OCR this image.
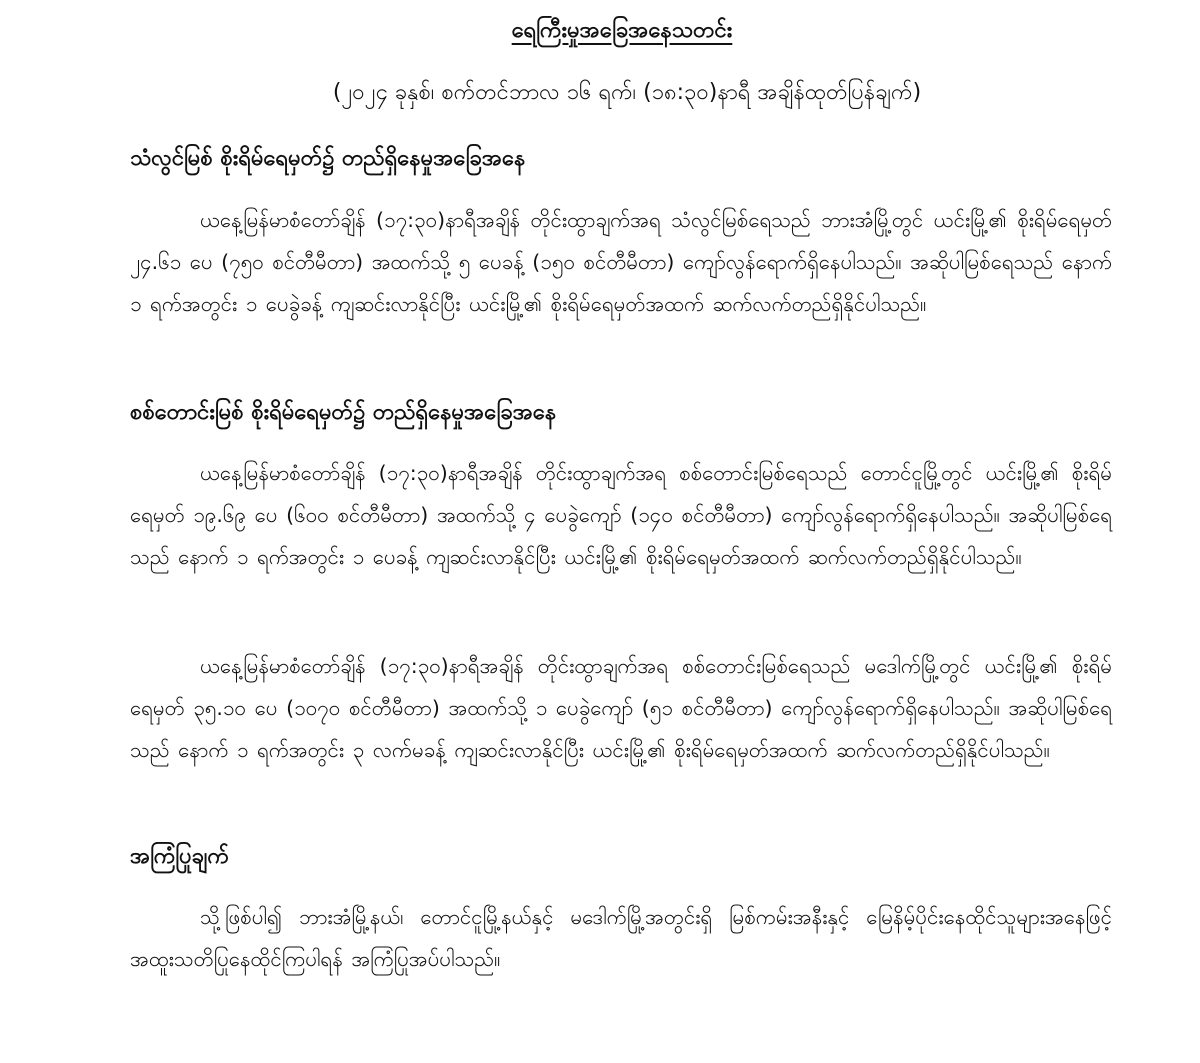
ရေကြီးမှုအခြေအနေသတင်း
(၂၀၂၄ ခုနှစ်၊ စက်တင်ဘာလ ၁၆ ရက်၊ (၁၈:၃၀)နာရီ အချိန်ထုတ်ပြန်ချက်)
သံလွင်မြစ် စိုးရိမ်ရေမှတ်၌ တည်ရှိနေမှုအခြေအနေ
ယနေ့မြန်မာစံတော်ချိန် (၁၇:၃၀)နာရီအချိန် တိုင်းထွာချက်အရ သံလွင်မြစ်ရေသည် ဘားအံမြို့တွင် ယင်းမြို့၏ စိုးရိမ်ရေမှတ် ၂၄.၆၁ ပေ (၇၅၀ စင်တီမီတာ) အထက်သို့ ၅ ပေခန့် (၁၅၀ စင်တီမီတာ) ကျော်လွန်ရောက်ရှိနေပါသည်။ အဆိုပါမြစ်ရေသည် နောက် ၁ ရက်အတွင်း ၁ ပေခွဲခန့် ကျဆင်းလာနိုင်ပြီး ယင်းမြို့၏ စိုးရိမ်ရေမှတ်အထက် ဆက်လက်တည်ရှိနိုင်ပါသည်။
စစ်တောင်းမြစ် စိုးရိမ်ရေမှတ်၌ တည်ရှိနေမှုအခြေအနေ
ယနေ့မြန်မာစံတော်ချိန် (၁၇:၃၀)နာရီအချိန် တိုင်းထွာချက်အရ စစ်တောင်းမြစ်ရေသည် တောင်ငူမြို့တွင် ယင်းမြို့၏ စိုးရိမ်ရေမှတ် ၁၉.၆၉ ပေ (၆၀၀ စင်တီမီတာ) အထက်သို့ ၄ ပေခွဲကျော် (၁၄၀ စင်တီမီတာ) ကျော်လွန်ရောက်ရှိနေပါသည်။ အဆိုပါမြစ်ရေသည် နောက် ၁ ရက်အတွင်း ၁ ပေခန့် ကျဆင်းလာနိုင်ပြီး ယင်းမြို့၏ စိုးရိမ်ရေမှတ်အထက် ဆက်လက်တည်ရှိနိုင်ပါသည်။
ယနေ့မြန်မာစံတော်ချိန် (၁၇:၃၀)နာရီအချိန် တိုင်းထွာချက်အရ စစ်တောင်းမြစ်ရေသည် မဒေါက်မြို့တွင် ယင်းမြို့၏ စိုးရိမ်ရေမှတ် ၃၅.၁၀ ပေ (၁၀၇၀ စင်တီမီတာ) အထက်သို့ ၁ ပေခွဲကျော် (၅၁ စင်တီမီတာ) ကျော်လွန်ရောက်ရှိနေပါသည်။ အဆိုပါမြစ်ရေသည် နောက် ၁ ရက်အတွင်း ၃ လက်မခန့် ကျဆင်းလာနိုင်ပြီး ယင်းမြို့၏ စိုးရိမ်ရေမှတ်အထက် ဆက်လက်တည်ရှိနိုင်ပါသည်။
အကြံပြုချက်
သို့ဖြစ်ပါ၍ ဘားအံမြို့နယ်၊ တောင်ငူမြို့နယ်နှင့် မဒေါက်မြို့အတွင်းရှိ မြစ်ကမ်းအနီးနှင့် မြေနိမ့်ပိုင်းနေထိုင်သူများအနေဖြင့် အထူးသတိပြုနေထိုင်ကြပါရန် အကြံပြုအပ်ပါသည်။
